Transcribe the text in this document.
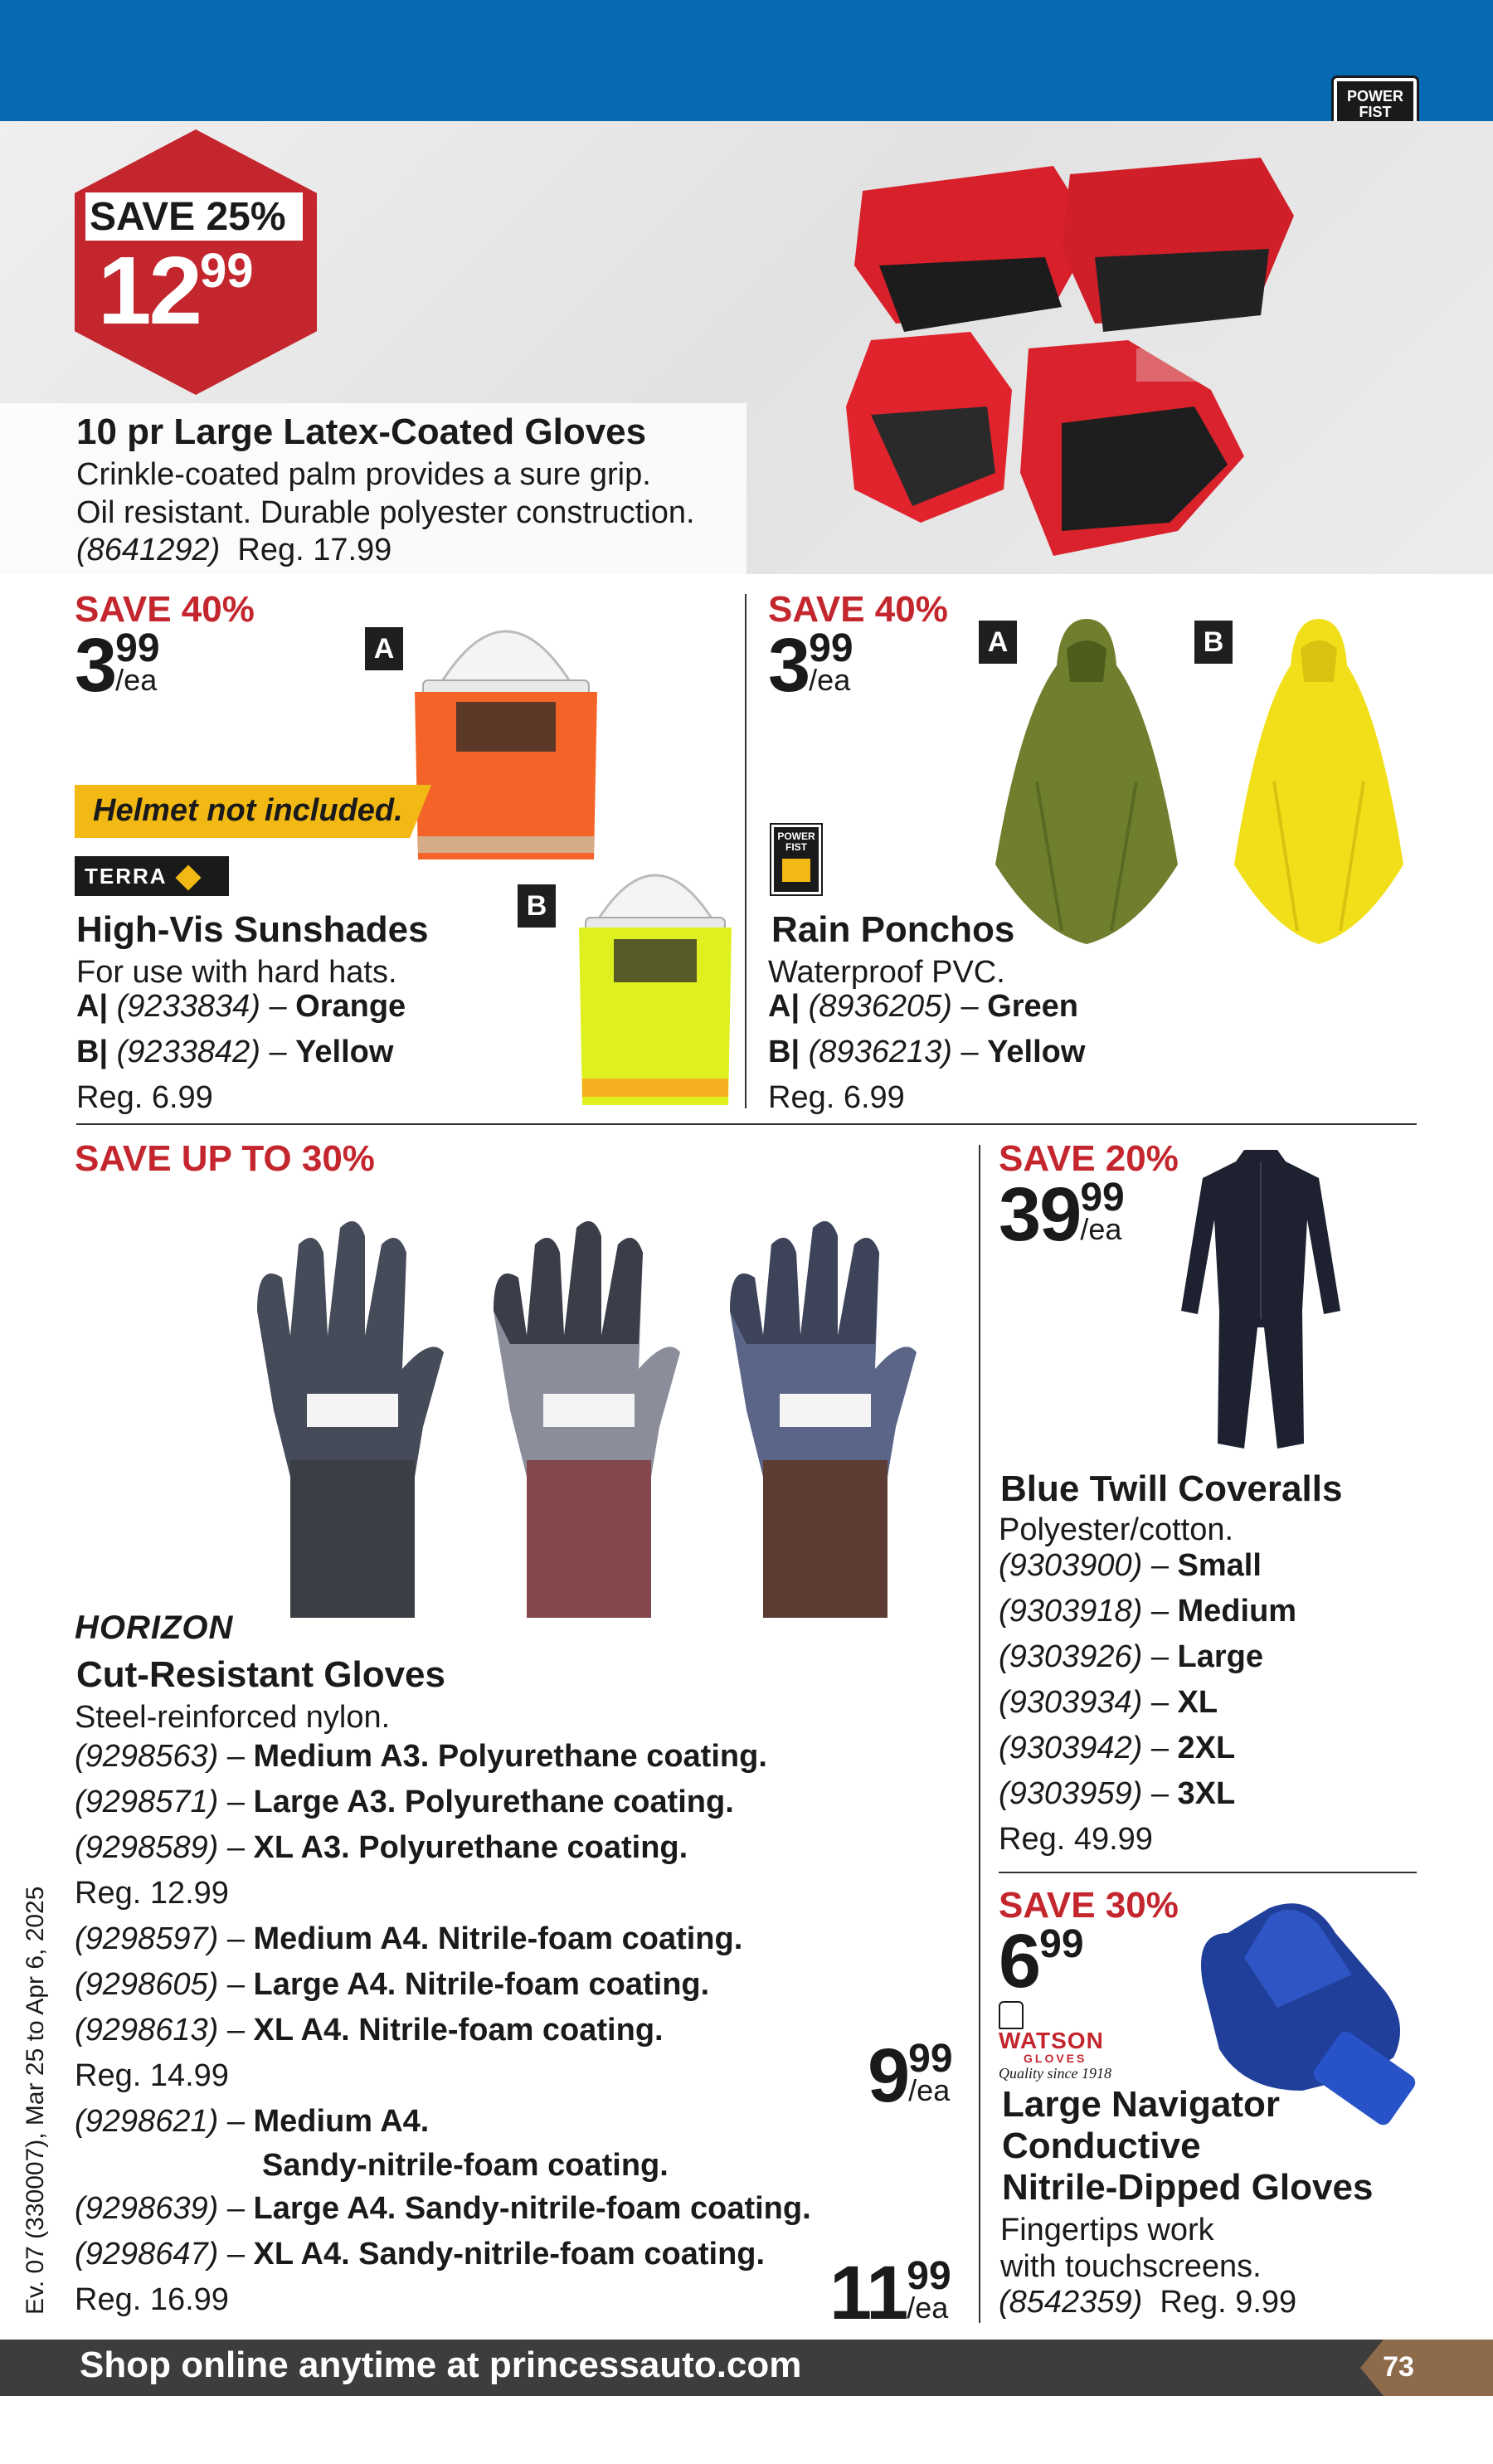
POWER
FIST
SAVE 25%
1299
10 pr Large Latex-Coated Gloves
Crinkle-coated palm provides a sure grip.
Oil resistant. Durable polyester construction.
(8641292) Reg. 17.99
SAVE 40%
3 99
/ea
A
Helmet not included.
TERRA
B
High-Vis Sunshades
For use with hard hats.
A| (9233834) – Orange
B| (9233842) – Yellow
Reg. 6.99
SAVE 40%
3 99
/ea
A	B
POWER
FIST
Rain Ponchos
Waterproof PVC.
A| (8936205) – Green
B| (8936213) – Yellow
Reg. 6.99
SAVE UP TO 30%
HORIZON
Cut-Resistant Gloves
Steel-reinforced nylon.
(9298563) – Medium A3. Polyurethane coating.
(9298571) – Large A3. Polyurethane coating.
(9298589) – XL A3. Polyurethane coating.
Reg. 12.99
(9298597) – Medium A4. Nitrile-foam coating.
(9298605) – Large A4. Nitrile-foam coating.
(9298613) – XL A4. Nitrile-foam coating.
Reg. 14.99
(9298621) – Medium A4.
Sandy-nitrile-foam coating.
(9298639) – Large A4. Sandy-nitrile-foam coating.
(9298647) – XL A4. Sandy-nitrile-foam coating.
Reg. 16.99
9 99
/ea
11 99
/ea
SAVE 20%
39 99
/ea
Blue Twill Coveralls
Polyester/cotton.
(9303900) – Small
(9303918) – Medium
(9303926) – Large
(9303934) – XL
(9303942) – 2XL
(9303959) – 3XL
Reg. 49.99
SAVE 30%
699
WATSON
GLOVES
Quality since 1918
Large Navigator
Conductive
Nitrile-Dipped Gloves
Fingertips work
with touchscreens.
(8542359) Reg. 9.99
Ev. 07 (330007), Mar 25 to Apr 6, 2025
Shop online anytime at princessauto.com	73
